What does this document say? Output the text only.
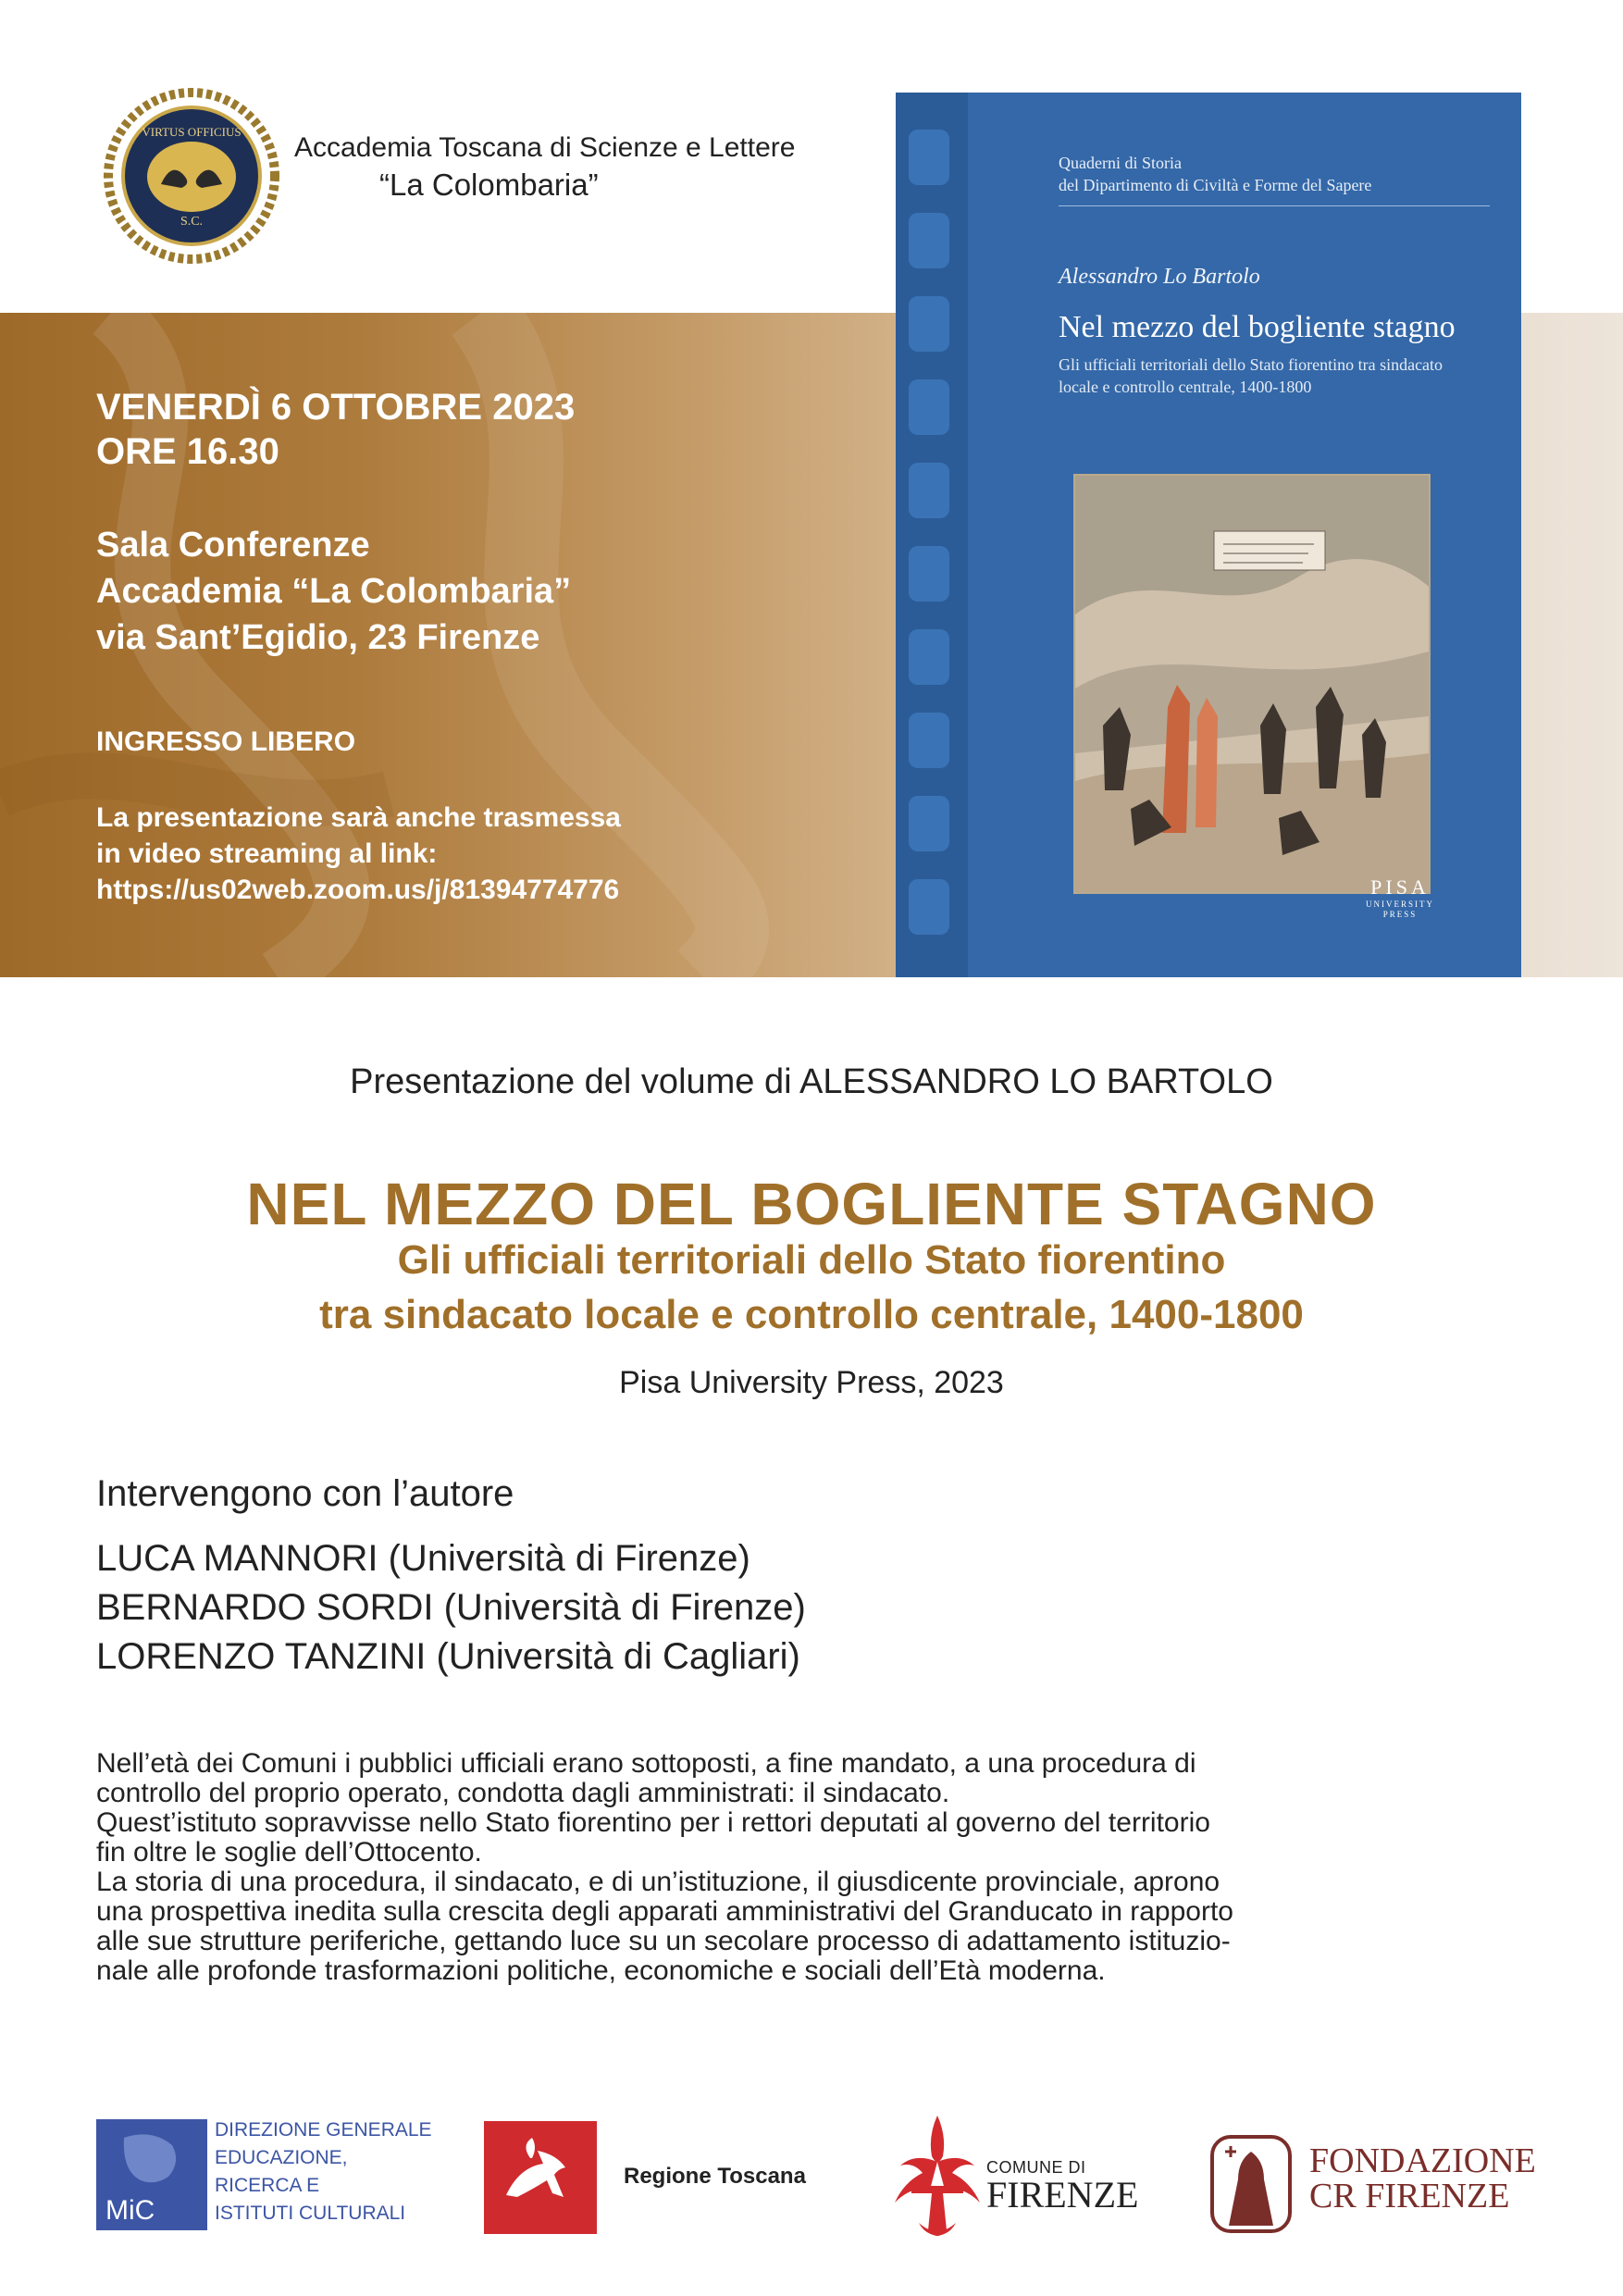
VIRTUS OFFICIUS
S.C.
Accademia Toscana di Scienze e Lettere
“La Colombaria”
VENERDÌ 6 OTTOBRE 2023
ORE 16.30
Sala Conferenze
Accademia “La Colombaria”
via Sant’Egidio, 23 Firenze
INGRESSO LIBERO
La presentazione sarà anche trasmessa
in video streaming al link:
https://us02web.zoom.us/j/81394774776
Quaderni di Storia
del Dipartimento di Civiltà e Forme del Sapere
Alessandro Lo Bartolo
Nel mezzo del bogliente stagno
Gli ufficiali territoriali dello Stato fiorentino tra sindacato locale e controllo centrale, 1400-1800
PISA
UNIVERSITY
PRESS
Presentazione del volume di ALESSANDRO LO BARTOLO
NEL MEZZO DEL BOGLIENTE STAGNO
Gli ufficiali territoriali dello Stato fiorentino
tra sindacato locale e controllo centrale, 1400-1800
Pisa University Press, 2023
Intervengono con l’autore
LUCA MANNORI (Università di Firenze)
BERNARDO SORDI (Università di Firenze)
LORENZO TANZINI (Università di Cagliari)

Nell’età dei Comuni i pubblici ufficiali erano sottoposti, a fine mandato, a una procedura di

controllo del proprio operato, condotta dagli amministrati: il sindacato.

Quest’istituto sopravvisse nello Stato fiorentino per i rettori deputati al governo del territorio

fin oltre le soglie dell’Ottocento.

La storia di una procedura, il sindacato, e di un’istituzione, il giusdicente provinciale, aprono

una prospettiva inedita sulla crescita degli apparati amministrativi del Granducato in rapporto

alle sue strutture periferiche, gettando luce su un secolare processo di adattamento istituzio-

nale alle profonde trasformazioni politiche, economiche e sociali dell’Età moderna.

MiC
DIREZIONE GENERALE
EDUCAZIONE,
RICERCA E
ISTITUTI CULTURALI
Regione Toscana	COMUNE DI
FIRENZE
FONDAZIONE
CR FIRENZE
